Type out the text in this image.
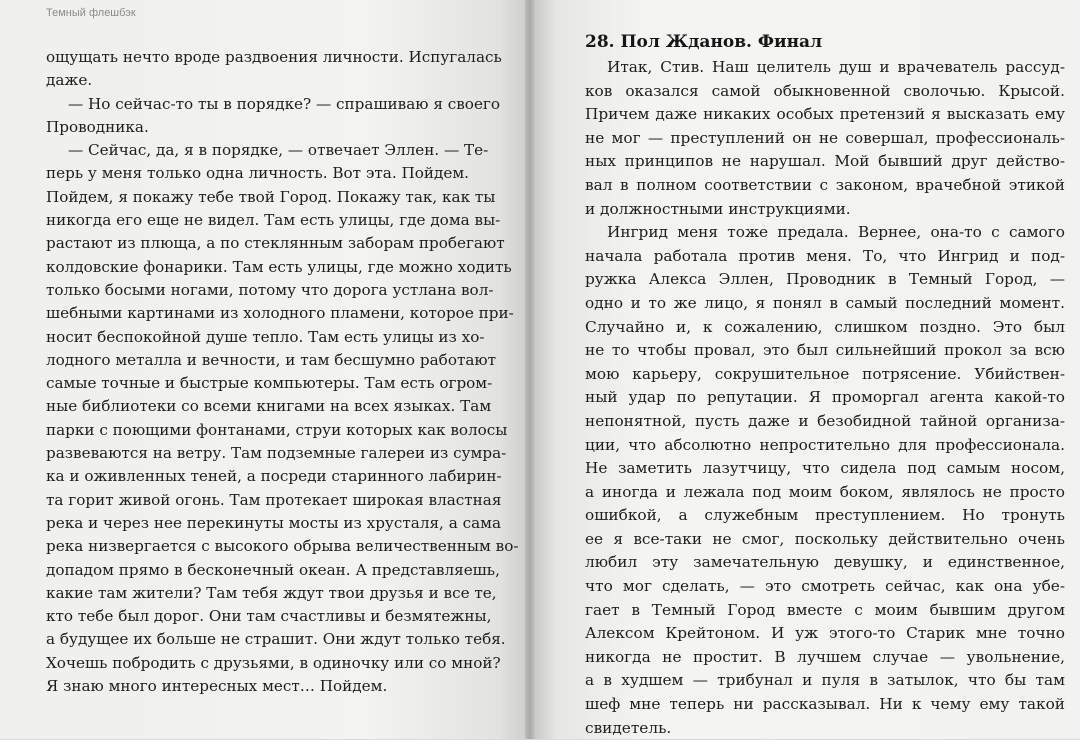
Темный флешбэк
ощущать нечто вроде раздвоения личности. Испугалась
даже.
— Но сейчас-то ты в порядке? — спрашиваю я своего
Проводника.
— Сейчас, да, я в порядке, — отвечает Эллен. — Те-
перь у меня только одна личность. Вот эта. Пойдем.
Пойдем, я покажу тебе твой Город. Покажу так, как ты
никогда его еще не видел. Там есть улицы, где дома вы-
растают из плюща, а по стеклянным заборам пробегают
колдовские фонарики. Там есть улицы, где можно ходить
только босыми ногами, потому что дорога устлана вол-
шебными картинами из холодного пламени, которое при-
носит беспокойной душе тепло. Там есть улицы из хо-
лодного металла и вечности, и там бесшумно работают
самые точные и быстрые компьютеры. Там есть огром-
ные библиотеки со всеми книгами на всех языках. Там
парки с поющими фонтанами, струи которых как волосы
развеваются на ветру. Там подземные галереи из сумра-
ка и оживленных теней, а посреди старинного лабирин-
та горит живой огонь. Там протекает широкая властная
река и через нее перекинуты мосты из хрусталя, а сама
река низвергается с высокого обрыва величественным во-
допадом прямо в бесконечный океан. А представляешь,
какие там жители? Там тебя ждут твои друзья и все те,
кто тебе был дорог. Они там счастливы и безмятежны,
а будущее их больше не страшит. Они ждут только тебя.
Хочешь побродить с друзьями, в одиночку или со мной?
Я знаю много интересных мест… Пойдем.
28. Пол Жданов. Финал
Итак, Стив. Наш целитель душ и врачеватель рассуд-
ков оказался самой обыкновенной сволочью. Крысой.
Причем даже никаких особых претензий я высказать ему
не мог — преступлений он не совершал, профессиональ-
ных принципов не нарушал. Мой бывший друг действо-
вал в полном соответствии с законом, врачебной этикой
и должностными инструкциями.
Ингрид меня тоже предала. Вернее, она-то с самого
начала работала против меня. То, что Ингрид и под-
ружка Алекса Эллен, Проводник в Темный Город, —
одно и то же лицо, я понял в самый последний момент.
Случайно и, к сожалению, слишком поздно. Это был
не то чтобы провал, это был сильнейший прокол за всю
мою карьеру, сокрушительное потрясение. Убийствен-
ный удар по репутации. Я проморгал агента какой-то
непонятной, пусть даже и безобидной тайной организа-
ции, что абсолютно непростительно для профессионала.
Не заметить лазутчицу, что сидела под самым носом,
а иногда и лежала под моим боком, являлось не просто
ошибкой, а служебным преступлением. Но тронуть
ее я все-таки не смог, поскольку действительно очень
любил эту замечательную девушку, и единственное,
что мог сделать, — это смотреть сейчас, как она убе-
гает в Темный Город вместе с моим бывшим другом
Алексом Крейтоном. И уж этого-то Старик мне точно
никогда не простит. В лучшем случае — увольнение,
а в худшем — трибунал и пуля в затылок, что бы там
шеф мне теперь ни рассказывал. Ни к чему ему такой
свидетель.
